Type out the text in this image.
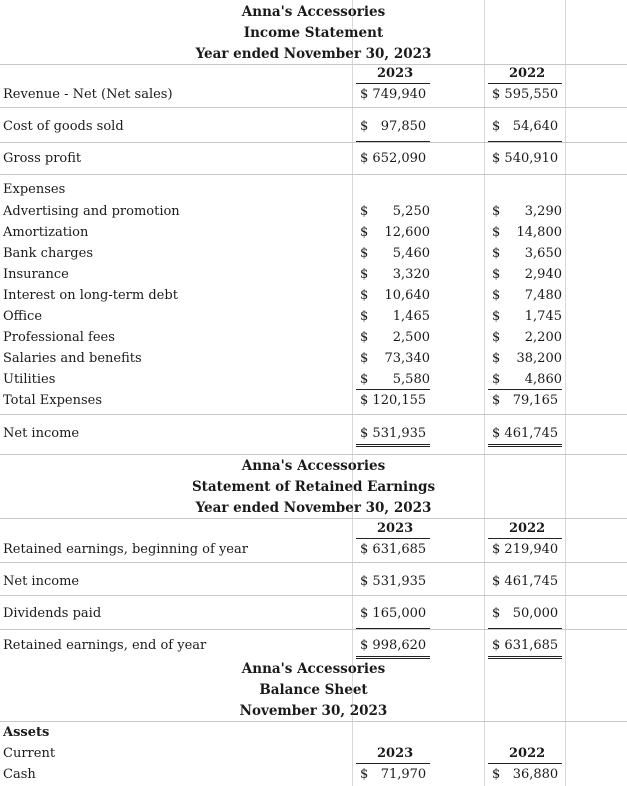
Anna's Accessories
Income Statement
Year ended November 30, 2023
2023	2022
Revenue - Net (Net sales)	$ 749,940	$ 595,550
Cost of goods sold	$ 97,850	$ 54,640
Gross profit	$ 652,090	$ 540,910
Expenses
Advertising and promotion	$	5,250	$	3,290
Amortization	$	12,600	$	14,800
Bank charges	$	5,460	$	3,650
Insurance	$	3,320	$	2,940
Interest on long-term debt	$	10,640	$	7,480
Office	$	1,465	$	1,745
Professional fees	$	2,500	$	2,200
Salaries and benefits	$	73,340	$	38,200
Utilities	$	5,580	$	4,860
Total Expenses	$ 120,155	$ 79,165
Net income	$ 531,935	$ 461,745
Anna's Accessories
Statement of Retained Earnings
Year ended November 30, 2023
2023	2022
Retained earnings, beginning of year	$ 631,685	$ 219,940
Net income	$ 531,935	$ 461,745
Dividends paid	$ 165,000	$ 50,000
Retained earnings, end of year	$ 998,620	$ 631,685
Anna's Accessories
Balance Sheet
November 30, 2023
Assets
Current	2023	2022
Cash	$ 71,970	$ 36,880
